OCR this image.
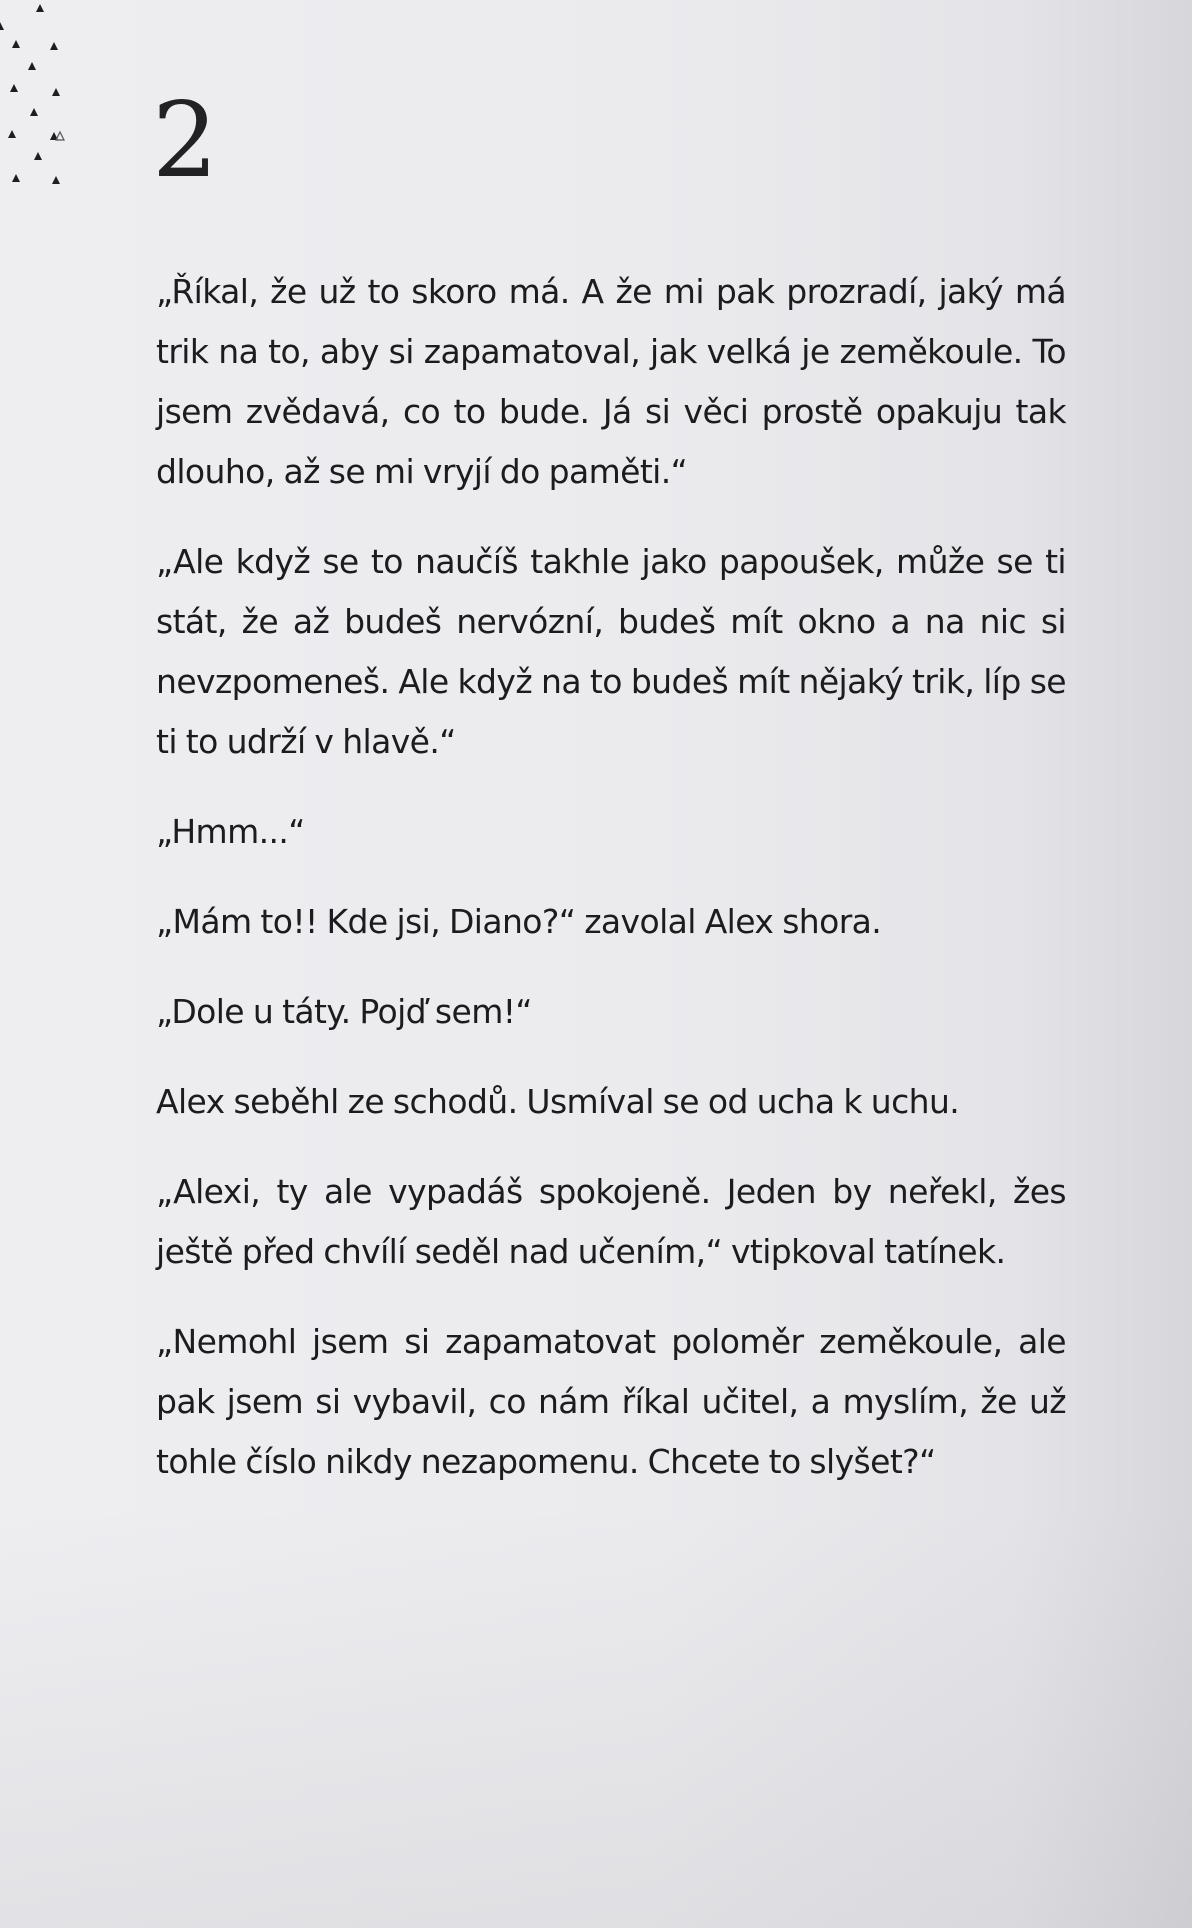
2

„Říkal, že už to skoro má. A že mi pak prozradí, jaký má trik na to, aby si zapamatoval, jak velká je zeměkoule. To jsem zvědavá, co to bude. Já si věci prostě opakuju tak dlouho, až se mi vryjí do paměti.“

„Ale když se to naučíš takhle jako papoušek, může se ti stát, že až budeš nervózní, budeš mít okno a na nic si nevzpomeneš. Ale když na to budeš mít nějaký trik, líp se ti to udrží v hlavě.“

„Hmm...“

„Mám to!! Kde jsi, Diano?“ zavolal Alex shora.

„Dole u táty. Pojď sem!“

Alex seběhl ze schodů. Usmíval se od ucha k uchu.

„Alexi, ty ale vypadáš spokojeně. Jeden by neřekl, žes ještě před chvílí seděl nad učením,“ vtipkoval tatínek.

„Nemohl jsem si zapamatovat poloměr zeměkoule, ale pak jsem si vybavil, co nám říkal učitel, a myslím, že už tohle číslo nikdy nezapomenu. Chcete to slyšet?“
